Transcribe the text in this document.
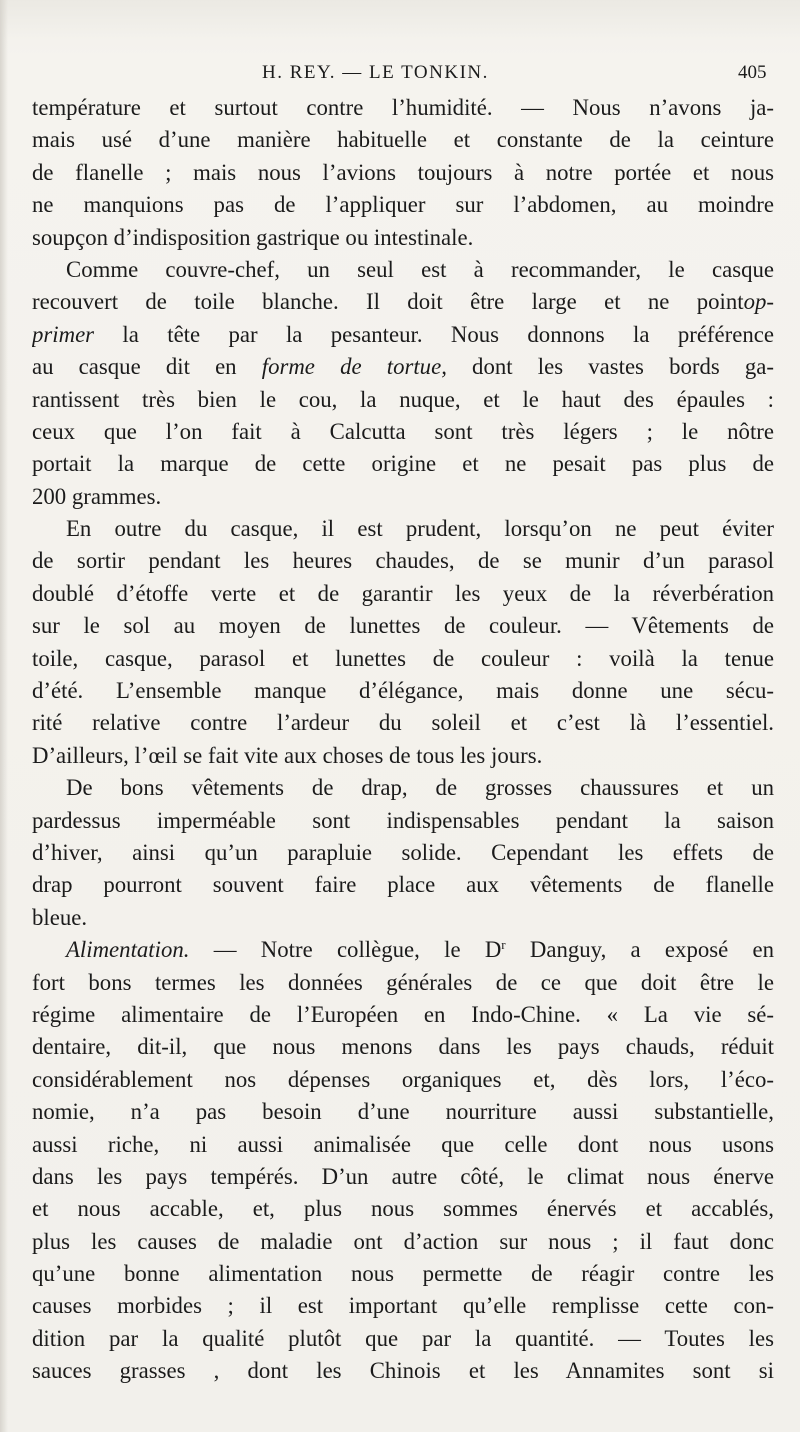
H. REY. — LE TONKIN.	405
température et surtout contre l’humidité. — Nous n’avons ja-
mais usé d’une manière habituelle et constante de la ceinture
de flanelle ; mais nous l’avions toujours à notre portée et nous
ne manquions pas de l’appliquer sur l’abdomen, au moindre
soupçon d’indisposition gastrique ou intestinale.
Comme couvre-chef, un seul est à recommander, le casque
recouvert de toile blanche. Il doit être large et ne pointop-
primer la tête par la pesanteur. Nous donnons la préférence
au casque dit en forme de tortue, dont les vastes bords ga-
rantissent très bien le cou, la nuque, et le haut des épaules :
ceux que l’on fait à Calcutta sont très légers ; le nôtre
portait la marque de cette origine et ne pesait pas plus de
200 grammes.
En outre du casque, il est prudent, lorsqu’on ne peut éviter
de sortir pendant les heures chaudes, de se munir d’un parasol
doublé d’étoffe verte et de garantir les yeux de la réverbération
sur le sol au moyen de lunettes de couleur. — Vêtements de
toile, casque, parasol et lunettes de couleur : voilà la tenue
d’été. L’ensemble manque d’élégance, mais donne une sécu-
rité relative contre l’ardeur du soleil et c’est là l’essentiel.
D’ailleurs, l’œil se fait vite aux choses de tous les jours.
De bons vêtements de drap, de grosses chaussures et un
pardessus imperméable sont indispensables pendant la saison
d’hiver, ainsi qu’un parapluie solide. Cependant les effets de
drap pourront souvent faire place aux vêtements de flanelle
bleue.
Alimentation. — Notre collègue, le $D^r$ Danguy, a exposé en
fort bons termes les données générales de ce que doit être le
régime alimentaire de l’Européen en Indo-Chine. « La vie sé-
dentaire, dit-il, que nous menons dans les pays chauds, réduit
considérablement nos dépenses organiques et, dès lors, l’éco-
nomie, n’a pas besoin d’une nourriture aussi substantielle,
aussi riche, ni aussi animalisée que celle dont nous usons
dans les pays tempérés. D’un autre côté, le climat nous énerve
et nous accable, et, plus nous sommes énervés et accablés,
plus les causes de maladie ont d’action sur nous ; il faut donc
qu’une bonne alimentation nous permette de réagir contre les
causes morbides ; il est important qu’elle remplisse cette con-
dition par la qualité plutôt que par la quantité. — Toutes les
sauces grasses , dont les Chinois et les Annamites sont si
